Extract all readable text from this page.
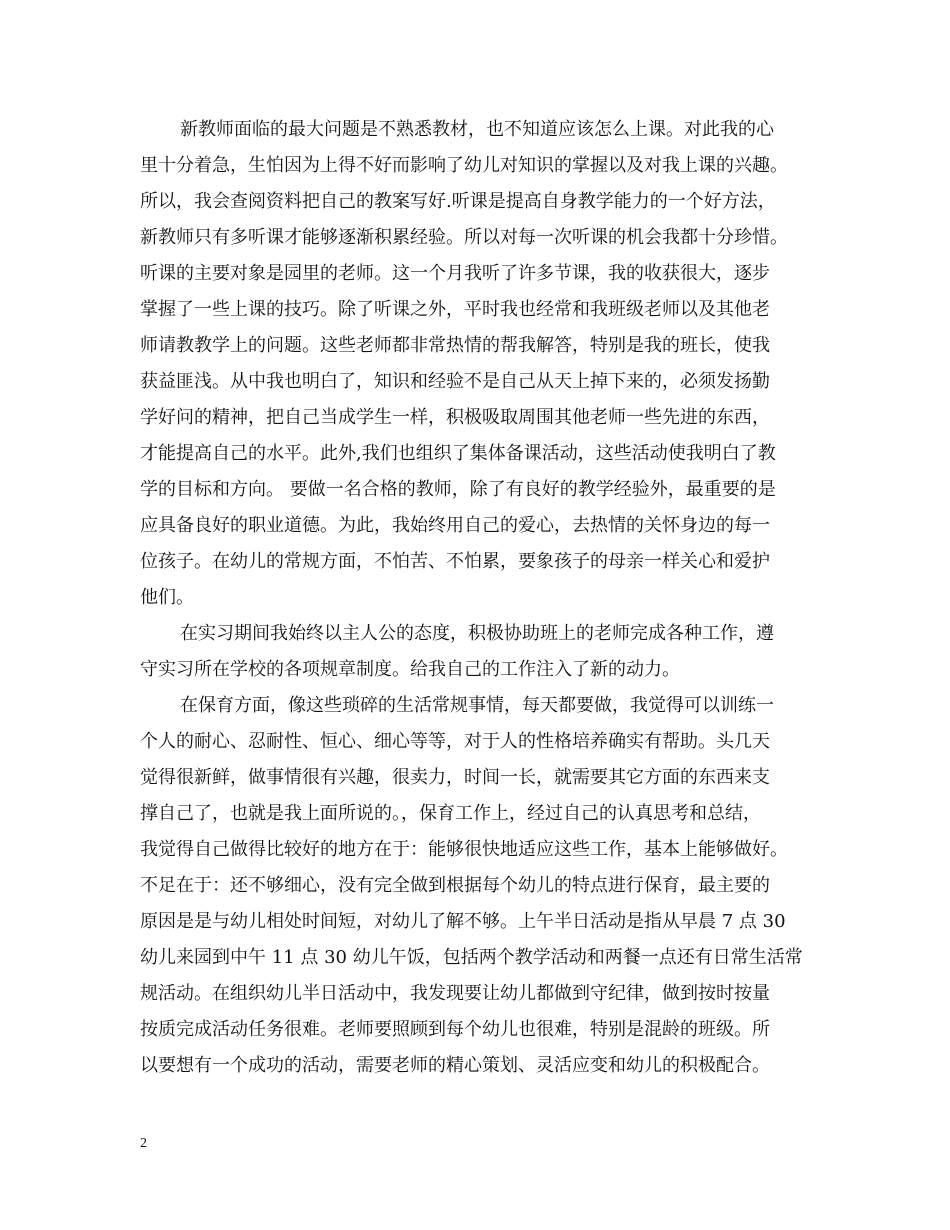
新教师面临的最大问题是不熟悉教材，也不知道应该怎么上课。对此我的心
里十分着急，生怕因为上得不好而影响了幼儿对知识的掌握以及对我上课的兴趣。
所以，我会查阅资料把自己的教案写好.听课是提高自身教学能力的一个好方法，
新教师只有多听课才能够逐渐积累经验。所以对每一次听课的机会我都十分珍惜。
听课的主要对象是园里的老师。这一个月我听了许多节课，我的收获很大，逐步
掌握了一些上课的技巧。除了听课之外，平时我也经常和我班级老师以及其他老
师请教教学上的问题。这些老师都非常热情的帮我解答，特别是我的班长，使我
获益匪浅。从中我也明白了，知识和经验不是自己从天上掉下来的，必须发扬勤
学好问的精神，把自己当成学生一样，积极吸取周围其他老师一些先进的东西，
才能提高自己的水平。此外,我们也组织了集体备课活动，这些活动使我明白了教
学的目标和方向。 要做一名合格的教师，除了有良好的教学经验外，最重要的是
应具备良好的职业道德。为此，我始终用自己的爱心，去热情的关怀身边的每一
位孩子。在幼儿的常规方面，不怕苦、不怕累，要象孩子的母亲一样关心和爱护
他们。
在实习期间我始终以主人公的态度，积极协助班上的老师完成各种工作，遵
守实习所在学校的各项规章制度。给我自己的工作注入了新的动力。
在保育方面，像这些琐碎的生活常规事情，每天都要做，我觉得可以训练一
个人的耐心、忍耐性、恒心、细心等等，对于人的性格培养确实有帮助。头几天
觉得很新鲜，做事情很有兴趣，很卖力，时间一长，就需要其它方面的东西来支
撑自己了，也就是我上面所说的。，保育工作上，经过自己的认真思考和总结，
我觉得自己做得比较好的地方在于：能够很快地适应这些工作，基本上能够做好。
不足在于：还不够细心，没有完全做到根据每个幼儿的特点进行保育，最主要的
原因是是与幼儿相处时间短，对幼儿了解不够。上午半日活动是指从早晨 7 点 30
幼儿来园到中午 11 点 30 幼儿午饭，包括两个教学活动和两餐一点还有日常生活常
规活动。在组织幼儿半日活动中，我发现要让幼儿都做到守纪律，做到按时按量
按质完成活动任务很难。老师要照顾到每个幼儿也很难，特别是混龄的班级。所
以要想有一个成功的活动，需要老师的精心策划、灵活应变和幼儿的积极配合。
2
